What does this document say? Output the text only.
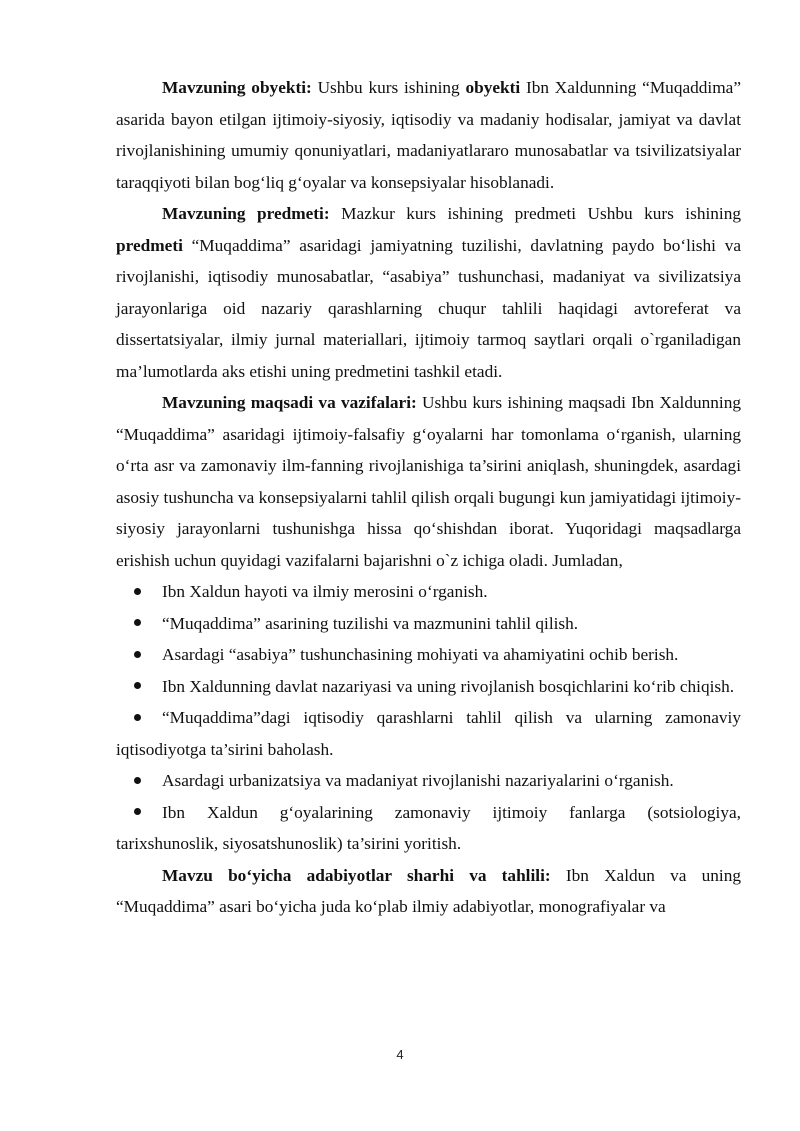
Mavzuning obyekti: Ushbu kurs ishining obyekti Ibn Xaldunning “Muqaddima” asarida bayon etilgan ijtimoiy-siyosiy, iqtisodiy va madaniy hodisalar, jamiyat va davlat rivojlanishining umumiy qonuniyatlari, madaniyatlararo munosabatlar va tsivilizatsiyalar taraqqiyoti bilan bog‘liq g‘oyalar va konsepsiyalar hisoblanadi.

Mavzuning predmeti: Mazkur kurs ishining predmeti Ushbu kurs ishining predmeti “Muqaddima” asaridagi jamiyatning tuzilishi, davlatning paydo bo‘lishi va rivojlanishi, iqtisodiy munosabatlar, “asabiya” tushunchasi, madaniyat va sivilizatsiya jarayonlariga oid nazariy qarashlarning chuqur tahlili haqidagi avtoreferat va dissertatsiyalar, ilmiy jurnal materiallari, ijtimoiy tarmoq saytlari orqali o`rganiladigan ma’lumotlarda aks etishi uning predmetini tashkil etadi.

Mavzuning maqsadi va vazifalari: Ushbu kurs ishining maqsadi Ibn Xaldunning “Muqaddima” asaridagi ijtimoiy-falsafiy g‘oyalarni har tomonlama o‘rganish, ularning o‘rta asr va zamonaviy ilm-fanning rivojlanishiga ta’sirini aniqlash, shuningdek, asardagi asosiy tushuncha va konsepsiyalarni tahlil qilish orqali bugungi kun jamiyatidagi ijtimoiy-siyosiy jarayonlarni tushunishga hissa qo‘shishdan iborat. Yuqoridagi maqsadlarga erishish uchun quyidagi vazifalarni bajarishni o`z ichiga oladi. Jumladan,

Ibn Xaldun hayoti va ilmiy merosini o‘rganish.

“Muqaddima” asarining tuzilishi va mazmunini tahlil qilish.

Asardagi “asabiya” tushunchasining mohiyati va ahamiyatini ochib berish.

Ibn Xaldunning davlat nazariyasi va uning rivojlanish bosqichlarini ko‘rib chiqish.

“Muqaddima”dagi iqtisodiy qarashlarni tahlil qilish va ularning zamonaviy iqtisodiyotga ta’sirini baholash.

Asardagi urbanizatsiya va madaniyat rivojlanishi nazariyalarini o‘rganish.

Ibn Xaldun g‘oyalarining zamonaviy ijtimoiy fanlarga (sotsiologiya, tarixshunoslik, siyosatshunoslik) ta’sirini yoritish.

Mavzu bo‘yicha adabiyotlar sharhi va tahlili: Ibn Xaldun va uning “Muqaddima” asari bo‘yicha juda ko‘plab ilmiy adabiyotlar, monografiyalar va

4
